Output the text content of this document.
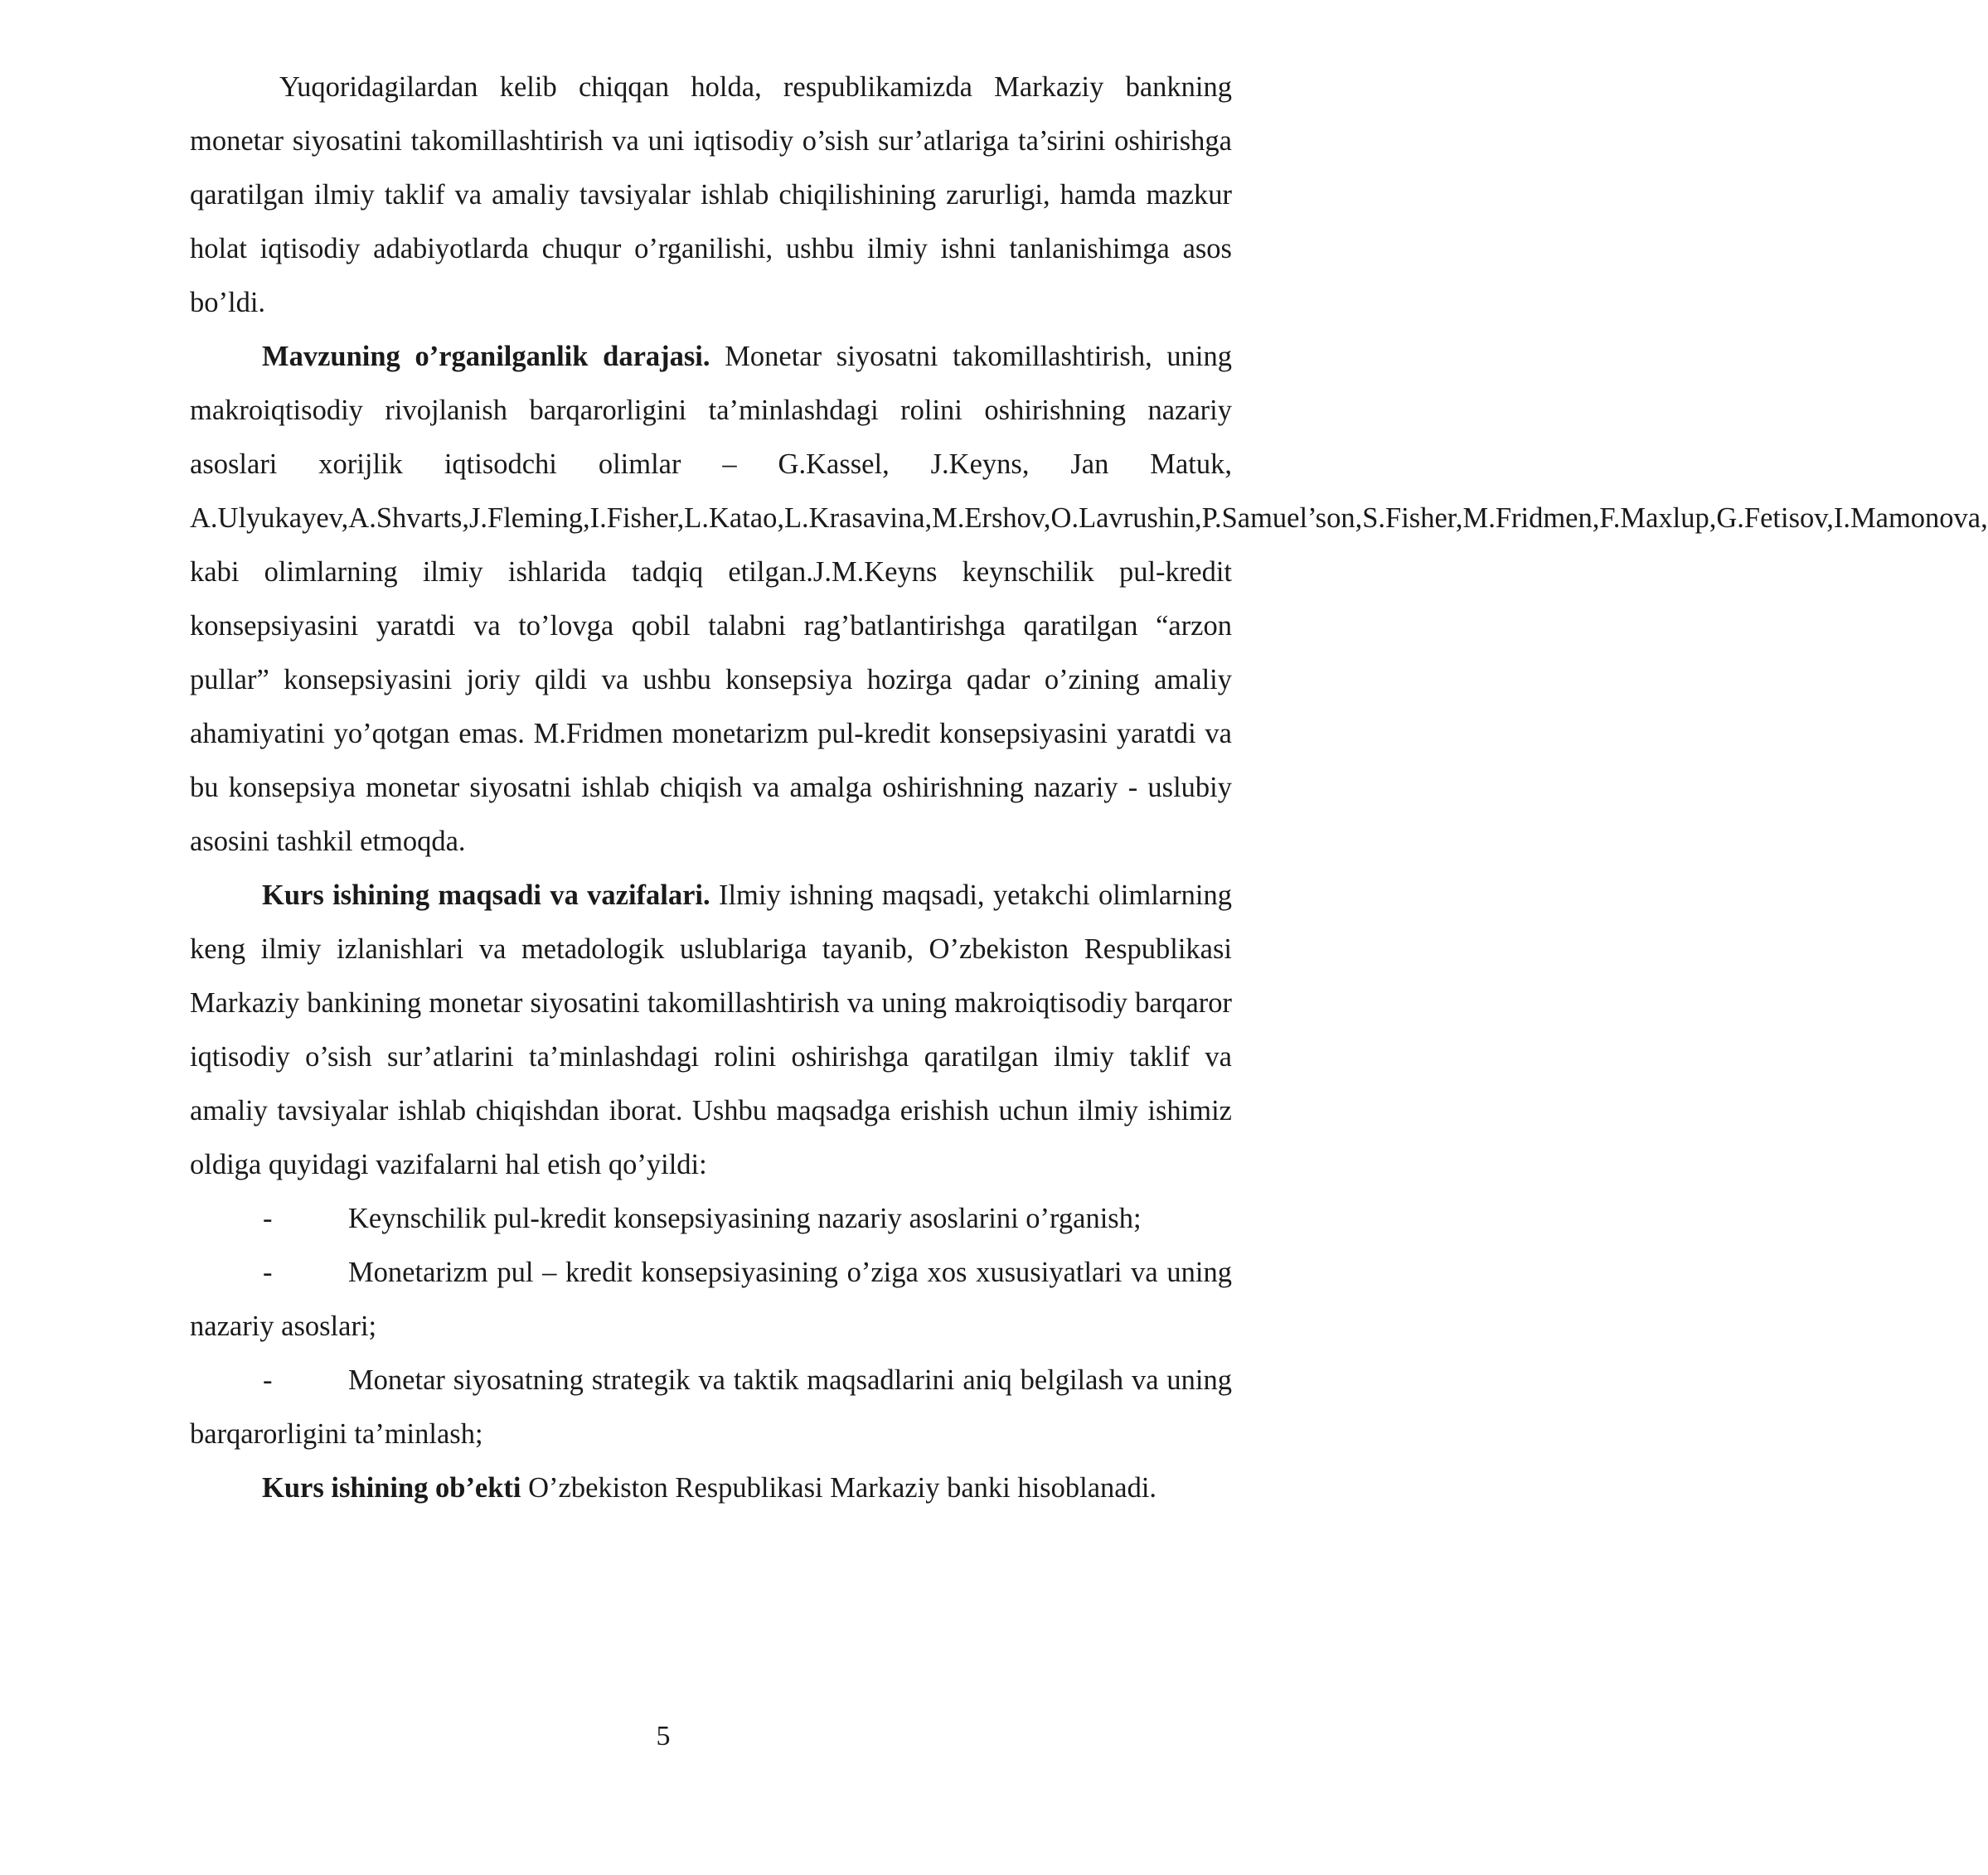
Yuqoridagilardan kelib chiqqan holda, respublikamizda Markaziy bankning monetar siyosatini takomillashtirish va uni iqtisodiy o’sish sur’atlariga ta’sirini oshirishga qaratilgan ilmiy taklif va amaliy tavsiyalar ishlab chiqilishining zarurligi, hamda mazkur holat iqtisodiy adabiyotlarda chuqur o’rganilishi, ushbu ilmiy ishni tanlanishimga asos bo’ldi.

Mavzuning o’rganilganlik darajasi. Monetar siyosatni takomillashtirish, uning makroiqtisodiy rivojlanish barqarorligini ta’minlashdagi rolini oshirishning nazariy asoslari xorijlik iqtisodchi olimlar – G.Kassel, J.Keyns, Jan Matuk, A.Ulyukayev,A.Shvarts,J.Fleming,I.Fisher,L.Katao,L.Krasavina,M.Ershov,O.Lavrushin,P.Samuel’son,S.Fisher,M.Fridmen,F.Maxlup,G.Fetisov,I.Mamonova, kabi olimlarning ilmiy ishlarida tadqiq etilgan.J.M.Keyns keynschilik pul-kredit konsepsiyasini yaratdi va to’lovga qobil talabni rag’batlantirishga qaratilgan “arzon pullar” konsepsiyasini joriy qildi va ushbu konsepsiya hozirga qadar o’zining amaliy ahamiyatini yo’qotgan emas. M.Fridmen monetarizm pul-kredit konsepsiyasini yaratdi va bu konsepsiya monetar siyosatni ishlab chiqish va amalga oshirishning nazariy - uslubiy asosini tashkil etmoqda.

Kurs ishining maqsadi va vazifalari. Ilmiy ishning maqsadi, yetakchi olimlarning keng ilmiy izlanishlari va metadologik uslublariga tayanib, O’zbekiston Respublikasi Markaziy bankining monetar siyosatini takomillashtirish va uning makroiqtisodiy barqaror iqtisodiy o’sish sur’atlarini ta’minlashdagi rolini oshirishga qaratilgan ilmiy taklif va amaliy tavsiyalar ishlab chiqishdan iborat. Ushbu maqsadga erishish uchun ilmiy ishimiz oldiga quyidagi vazifalarni hal etish qo’yildi:

-	Keynschilik pul-kredit konsepsiyasining nazariy asoslarini o’rganish;

-	Monetarizm pul – kredit konsepsiyasining o’ziga xos xususiyatlari va uning nazariy asoslari;

-	Monetar siyosatning strategik va taktik maqsadlarini aniq belgilash va uning barqarorligini ta’minlash;

Kurs ishining ob’ekti O’zbekiston Respublikasi Markaziy banki hisoblanadi.

5
